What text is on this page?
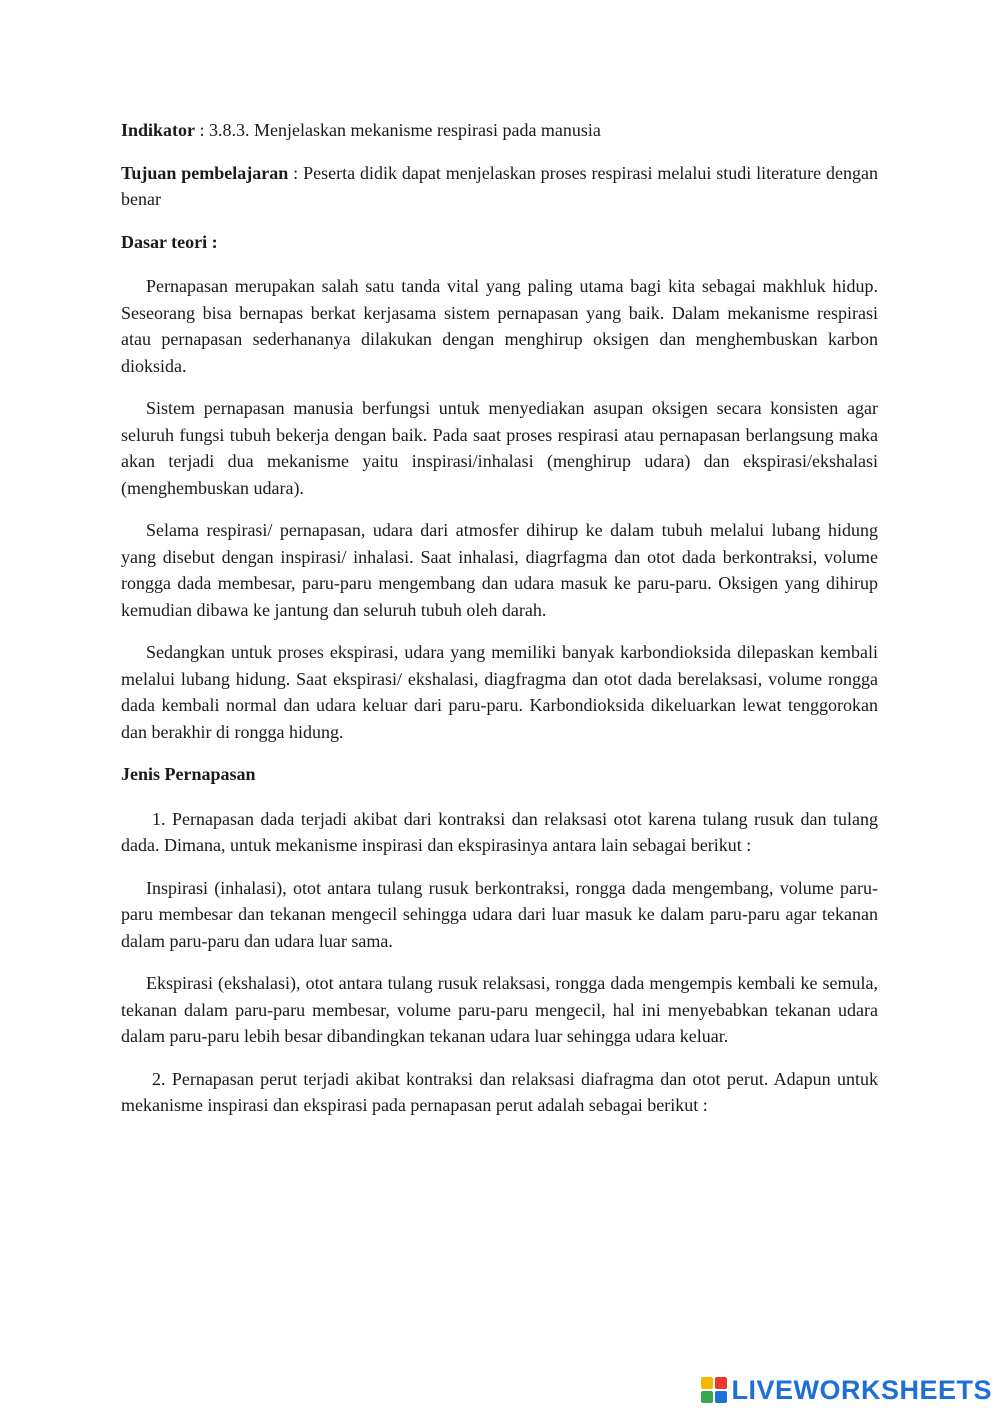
Indikator : 3.8.3. Menjelaskan mekanisme respirasi pada manusia

Tujuan pembelajaran : Peserta didik dapat menjelaskan proses respirasi melalui studi literature dengan benar

Dasar teori :

Pernapasan merupakan salah satu tanda vital yang paling utama bagi kita sebagai makhluk hidup. Seseorang bisa bernapas berkat kerjasama sistem pernapasan yang baik. Dalam mekanisme respirasi atau pernapasan sederhananya dilakukan dengan menghirup oksigen dan menghembuskan karbon dioksida.

Sistem pernapasan manusia berfungsi untuk menyediakan asupan oksigen secara konsisten agar seluruh fungsi tubuh bekerja dengan baik. Pada saat proses respirasi atau pernapasan berlangsung maka akan terjadi dua mekanisme yaitu inspirasi/inhalasi (menghirup udara) dan ekspirasi/ekshalasi (menghembuskan udara).

Selama respirasi/ pernapasan, udara dari atmosfer dihirup ke dalam tubuh melalui lubang hidung yang disebut dengan inspirasi/ inhalasi. Saat inhalasi, diagrfagma dan otot dada berkontraksi, volume rongga dada membesar, paru-paru mengembang dan udara masuk ke paru-paru. Oksigen yang dihirup kemudian dibawa ke jantung dan seluruh tubuh oleh darah.

Sedangkan untuk proses ekspirasi, udara yang memiliki banyak karbondioksida dilepaskan kembali melalui lubang hidung. Saat ekspirasi/ ekshalasi, diagfragma dan otot dada berelaksasi, volume rongga dada kembali normal dan udara keluar dari paru-paru. Karbondioksida dikeluarkan lewat tenggorokan dan berakhir di rongga hidung.

Jenis Pernapasan

1. Pernapasan dada terjadi akibat dari kontraksi dan relaksasi otot karena tulang rusuk dan tulang dada. Dimana, untuk mekanisme inspirasi dan ekspirasinya antara lain sebagai berikut :

Inspirasi (inhalasi), otot antara tulang rusuk berkontraksi, rongga dada mengembang, volume paru-paru membesar dan tekanan mengecil sehingga udara dari luar masuk ke dalam paru-paru agar tekanan dalam paru-paru dan udara luar sama.

Ekspirasi (ekshalasi), otot antara tulang rusuk relaksasi, rongga dada mengempis kembali ke semula, tekanan dalam paru-paru membesar, volume paru-paru mengecil, hal ini menyebabkan tekanan udara dalam paru-paru lebih besar dibandingkan tekanan udara luar sehingga udara keluar.

2. Pernapasan perut terjadi akibat kontraksi dan relaksasi diafragma dan otot perut. Adapun untuk mekanisme inspirasi dan ekspirasi pada pernapasan perut adalah sebagai berikut :

LIVEWORKSHEETS
